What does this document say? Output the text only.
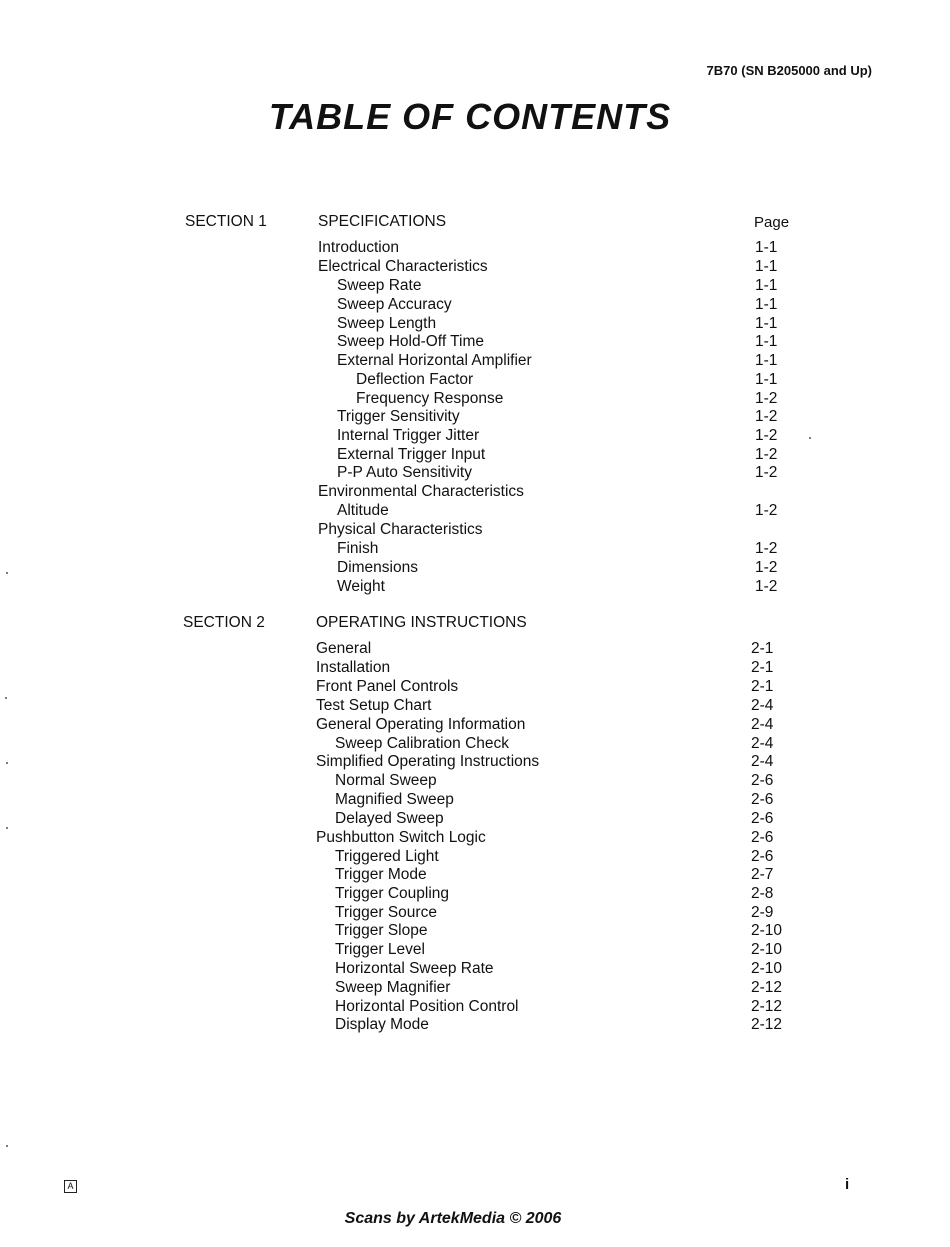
7B70 (SN B205000 and Up)
TABLE OF CONTENTS
SECTION 1	SPECIFICATIONS	Page
Introduction	1-1
Electrical Characteristics	1-1
Sweep Rate	1-1
Sweep Accuracy	1-1
Sweep Length	1-1
Sweep Hold-Off Time	1-1
External Horizontal Amplifier	1-1
Deflection Factor	1-1
Frequency Response	1-2
Trigger Sensitivity	1-2
Internal Trigger Jitter	1-2
External Trigger Input	1-2
P-P Auto Sensitivity	1-2
Environmental Characteristics
Altitude	1-2
Physical Characteristics
Finish	1-2
Dimensions	1-2
Weight	1-2
SECTION 2	OPERATING INSTRUCTIONS
General	2-1
Installation	2-1
Front Panel Controls	2-1
Test Setup Chart	2-4
General Operating Information	2-4
Sweep Calibration Check	2-4
Simplified Operating Instructions	2-4
Normal Sweep	2-6
Magnified Sweep	2-6
Delayed Sweep	2-6
Pushbutton Switch Logic	2-6
Triggered Light	2-6
Trigger Mode	2-7
Trigger Coupling	2-8
Trigger Source	2-9
Trigger Slope	2-10
Trigger Level	2-10
Horizontal Sweep Rate	2-10
Sweep Magnifier	2-12
Horizontal Position Control	2-12
Display Mode	2-12
A	i
Scans by ArtekMedia © 2006
